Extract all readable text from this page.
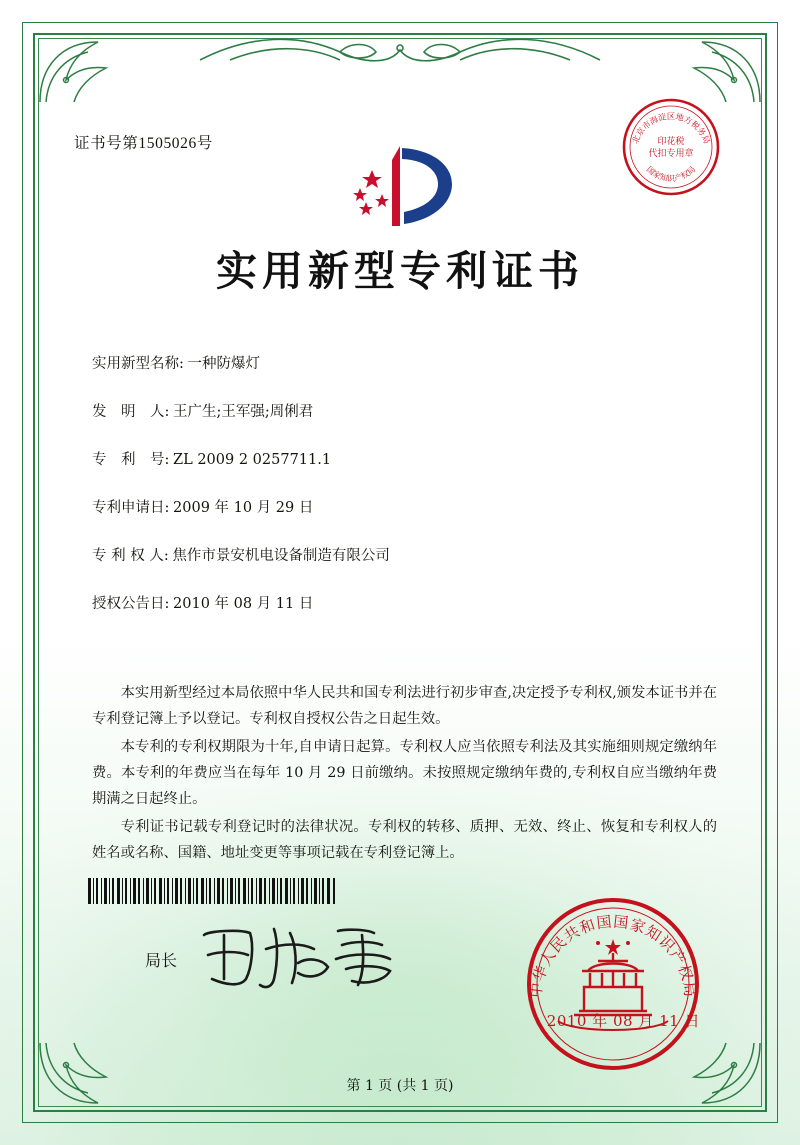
证书号第1505026号	北京市海淀区地方税务局
国家知识产权局
印花税
代扣专用章
实用新型专利证书
实用新型名称: 一种防爆灯
发　明　人: 王广生;王军强;周俐君
专　利　号: ZL 2009 2 0257711.1
专利申请日: 2009 年 10 月 29 日
专 利 权 人: 焦作市景安机电设备制造有限公司
授权公告日: 2010 年 08 月 11 日

本实用新型经过本局依照中华人民共和国专利法进行初步审查,决定授予专利权,颁发本证书并在专利登记簿上予以登记。专利权自授权公告之日起生效。

本专利的专利权期限为十年,自申请日起算。专利权人应当依照专利法及其实施细则规定缴纳年费。本专利的年费应当在每年 10 月 29 日前缴纳。未按照规定缴纳年费的,专利权自应当缴纳年费期满之日起终止。

专利证书记载专利登记时的法律状况。专利权的转移、质押、无效、终止、恢复和专利权人的姓名或名称、国籍、地址变更等事项记载在专利登记簿上。

局长
中华人民共和国国家知识产权局
2010 年 08 月 11 日
第 1 页 (共 1 页)
